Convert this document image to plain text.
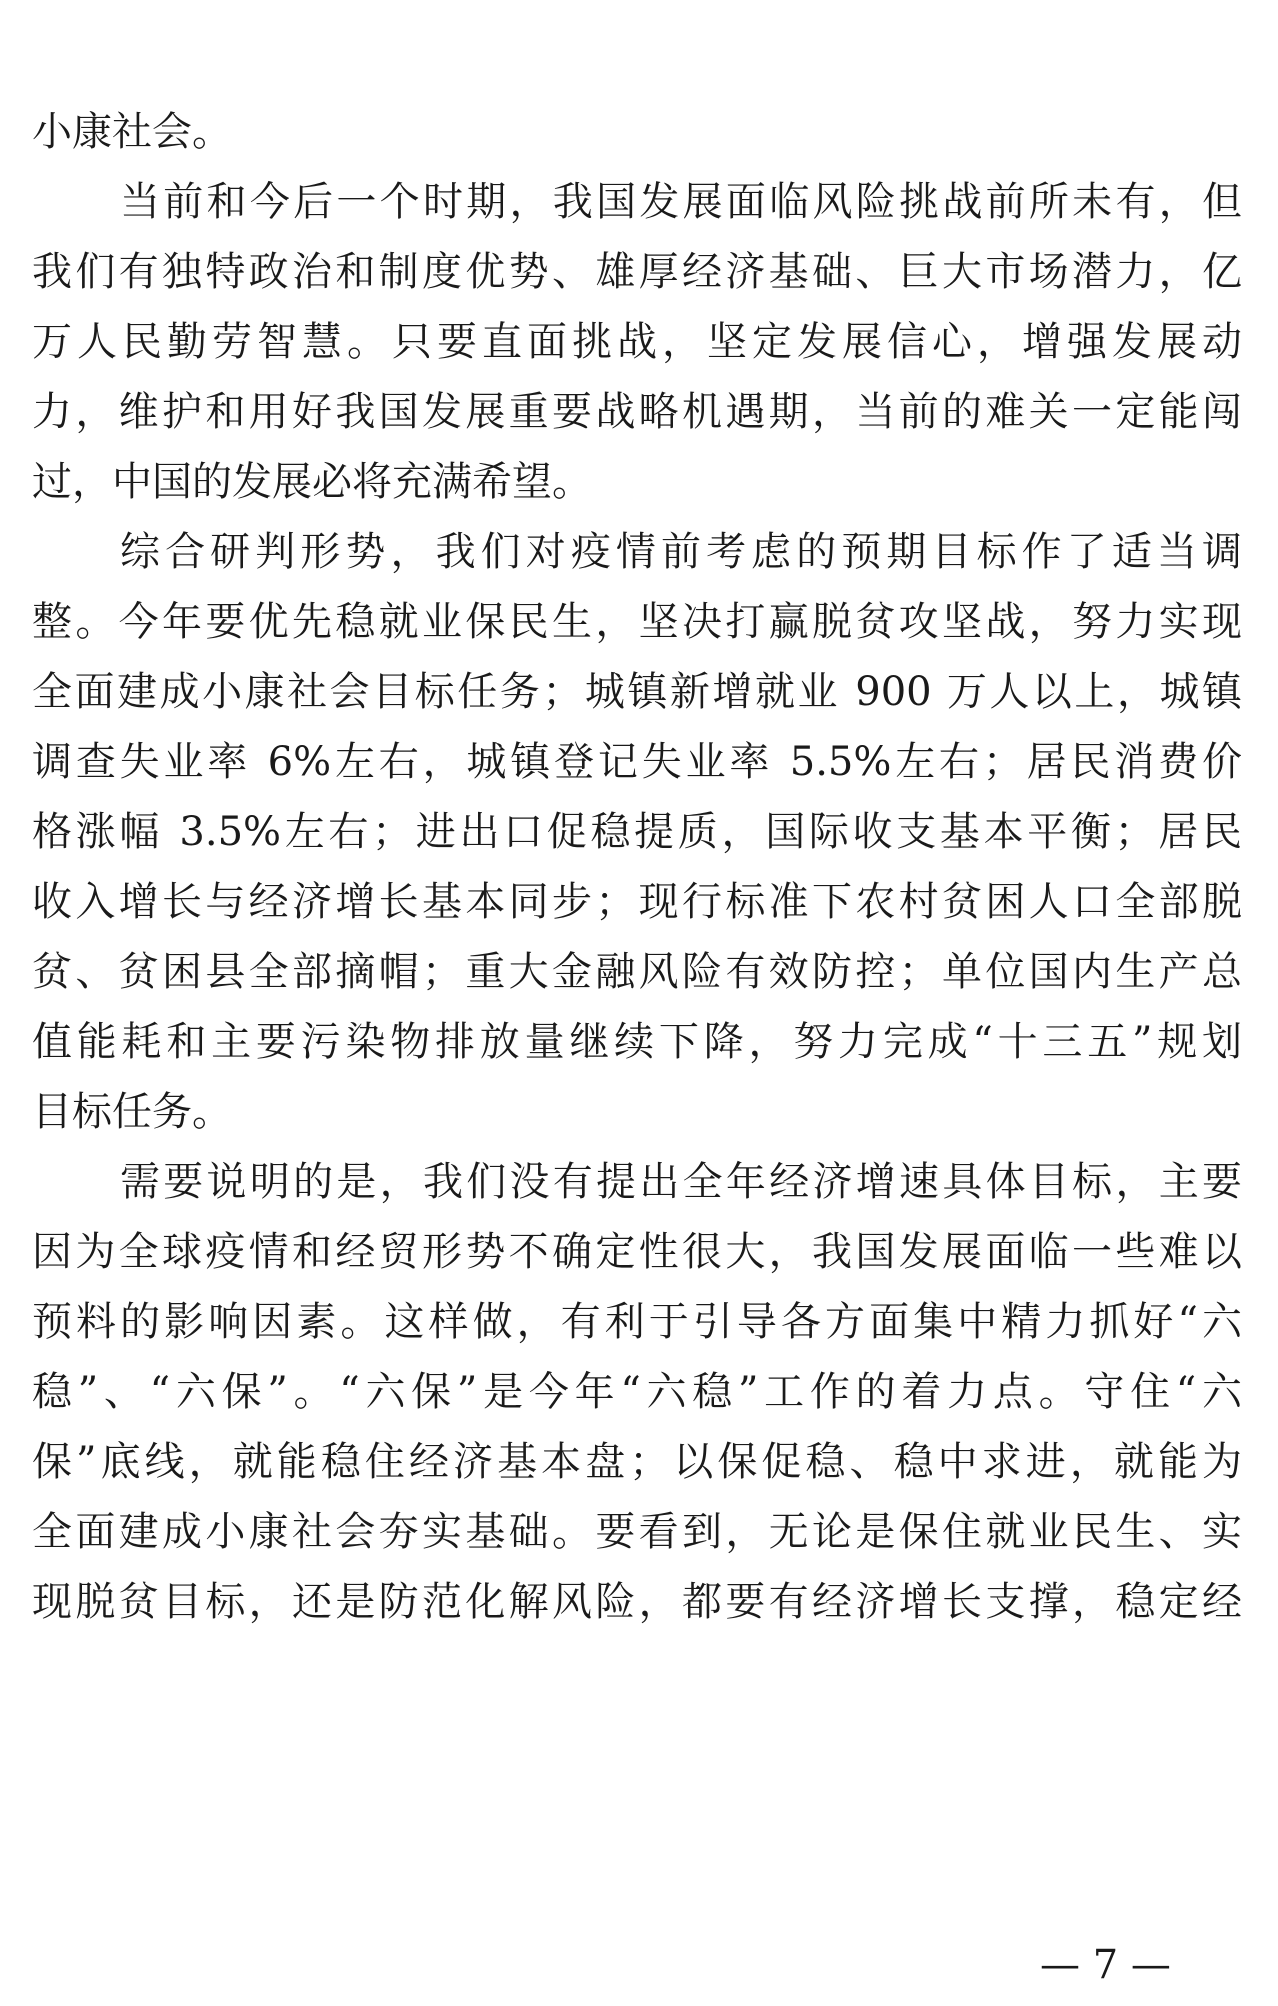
小康社会。
当前和今后一个时期，我国发展面临风险挑战前所未有，但
我们有独特政治和制度优势、雄厚经济基础、巨大市场潜力，亿
万人民勤劳智慧。只要直面挑战，坚定发展信心，增强发展动
力，维护和用好我国发展重要战略机遇期，当前的难关一定能闯
过，中国的发展必将充满希望。
综合研判形势，我们对疫情前考虑的预期目标作了适当调
整。今年要优先稳就业保民生，坚决打赢脱贫攻坚战，努力实现
全面建成小康社会目标任务；城镇新增就业 900 万人以上，城镇
调查失业率 6%左右，城镇登记失业率 5.5%左右；居民消费价
格涨幅 3.5%左右；进出口促稳提质，国际收支基本平衡；居民
收入增长与经济增长基本同步；现行标准下农村贫困人口全部脱
贫、贫困县全部摘帽；重大金融风险有效防控；单位国内生产总
值能耗和主要污染物排放量继续下降，努力完成“十三五”规划
目标任务。
需要说明的是，我们没有提出全年经济增速具体目标，主要
因为全球疫情和经贸形势不确定性很大，我国发展面临一些难以
预料的影响因素。这样做，有利于引导各方面集中精力抓好“六
稳”、“六保”。“六保”是今年“六稳”工作的着力点。守住“六
保”底线，就能稳住经济基本盘；以保促稳、稳中求进，就能为
全面建成小康社会夯实基础。要看到，无论是保住就业民生、实
现脱贫目标，还是防范化解风险，都要有经济增长支撑，稳定经
— 7 —
